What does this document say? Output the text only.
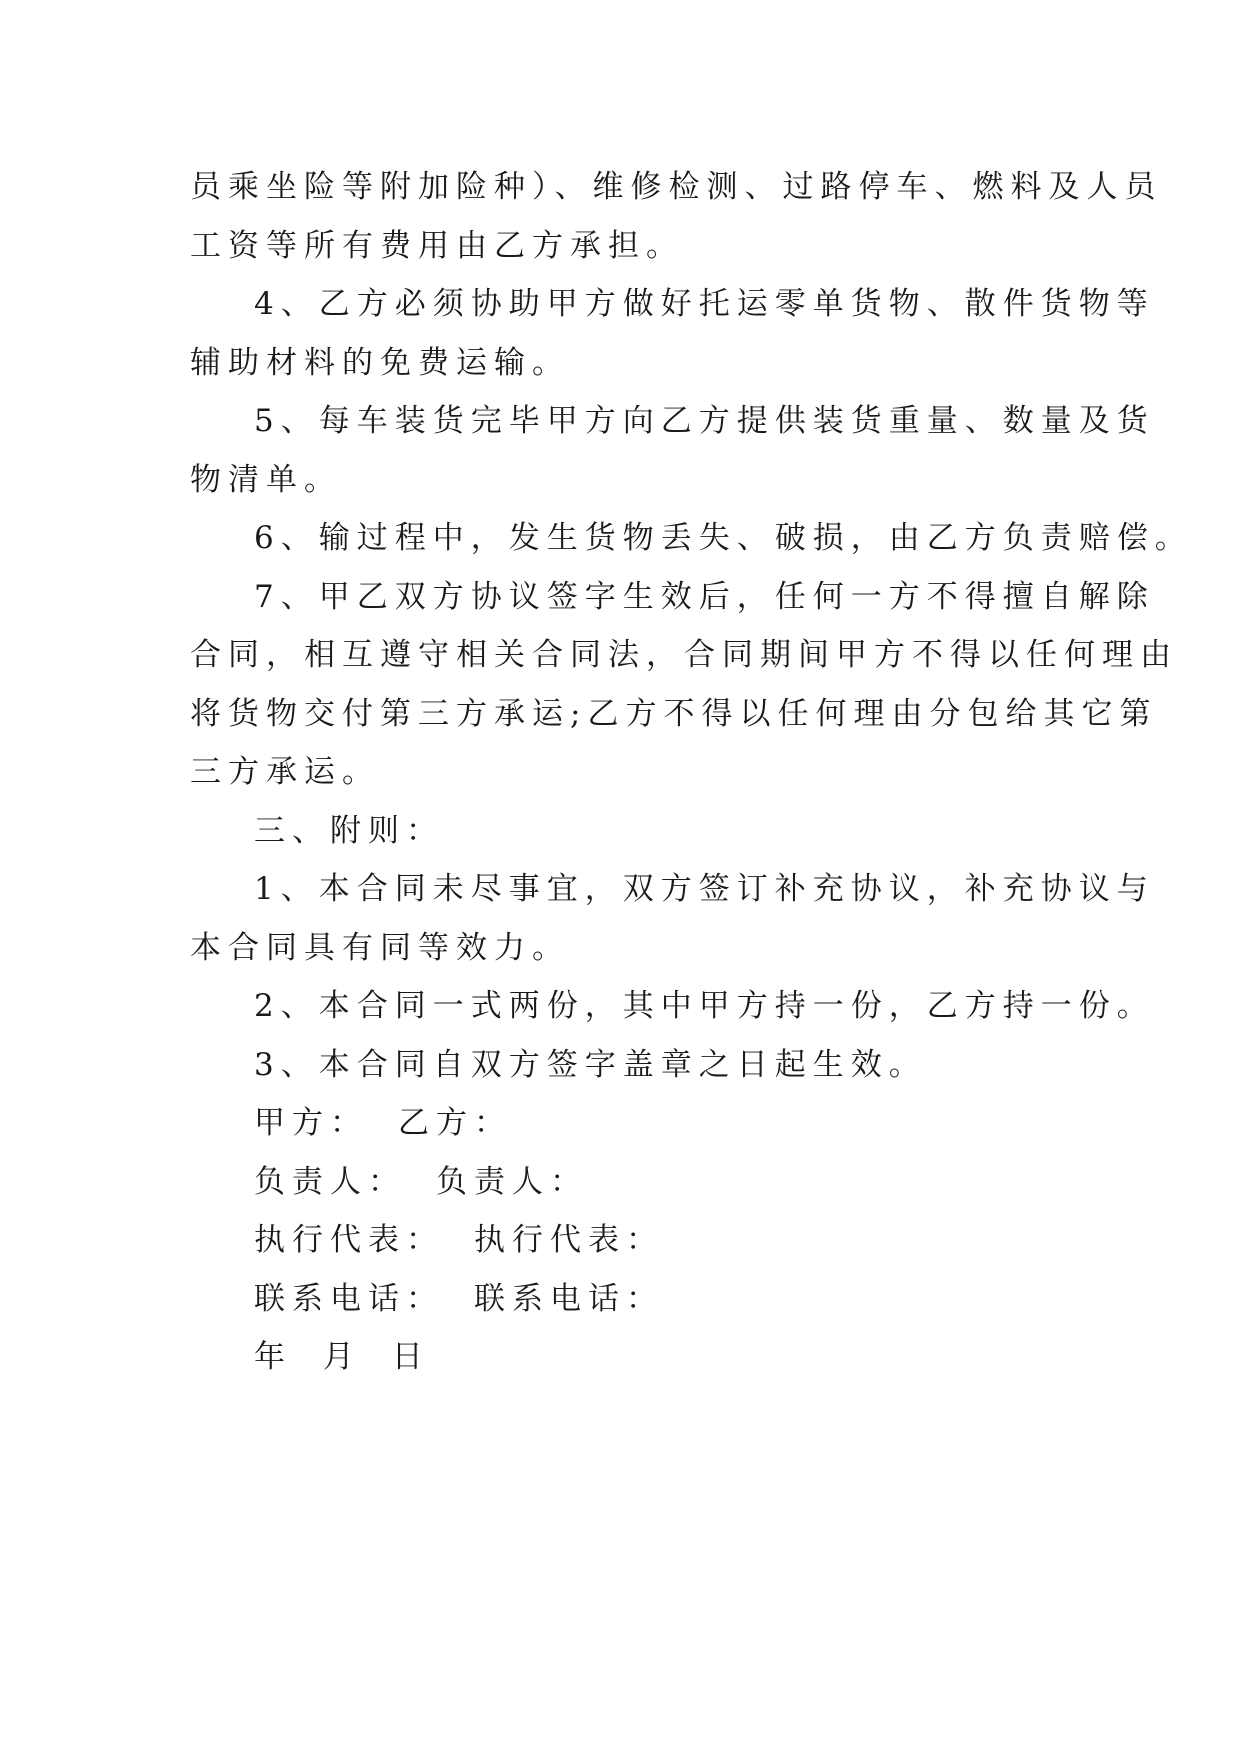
员乘坐险等附加险种）、维修检测、过路停车、燃料及人员
工资等所有费用由乙方承担。
4、乙方必须协助甲方做好托运零单货物、散件货物等
辅助材料的免费运输。
5、每车装货完毕甲方向乙方提供装货重量、数量及货
物清单。
6、输过程中，发生货物丢失、破损，由乙方负责赔偿。
7、甲乙双方协议签字生效后，任何一方不得擅自解除
合同，相互遵守相关合同法，合同期间甲方不得以任何理由
将货物交付第三方承运;乙方不得以任何理由分包给其它第
三方承运。
三、附则：
1、本合同未尽事宜，双方签订补充协议，补充协议与
本合同具有同等效力。
2、本合同一式两份，其中甲方持一份，乙方持一份。
3、本合同自双方签字盖章之日起生效。
甲方： 乙方：
负责人： 负责人：
执行代表： 执行代表：
联系电话： 联系电话：
年 月 日
